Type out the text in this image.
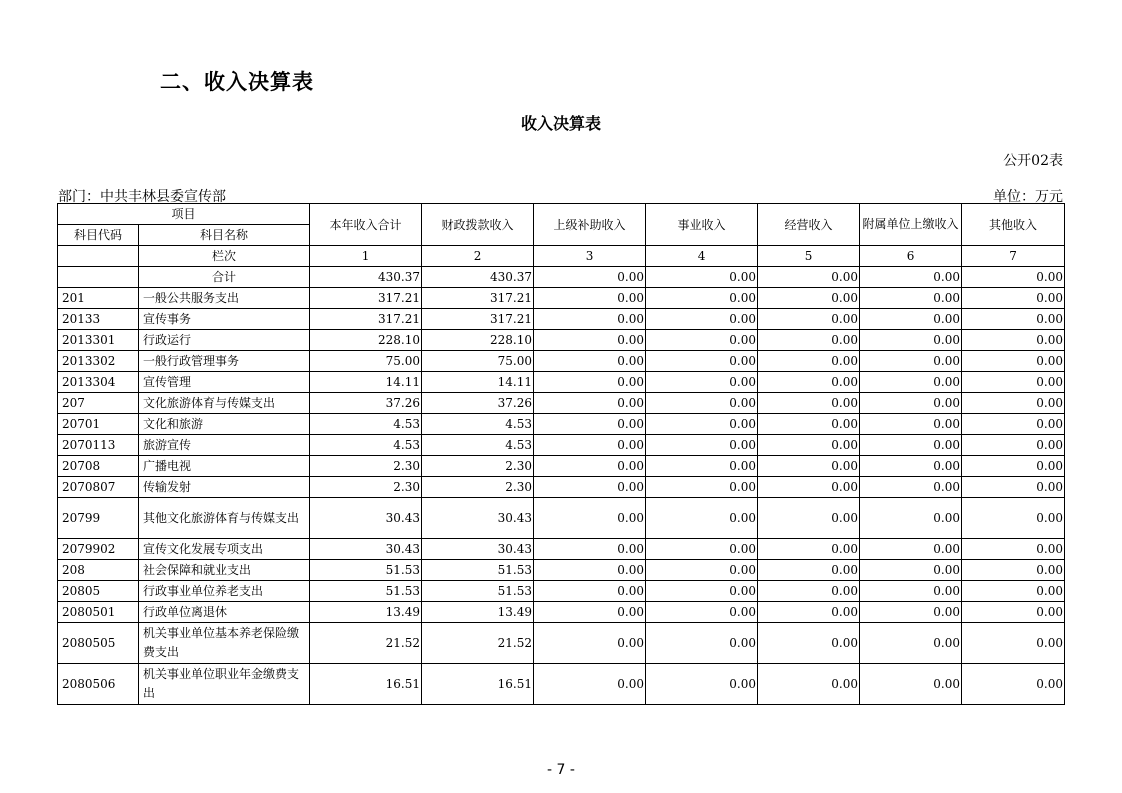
二、收入决算表
收入决算表
公开02表
部门：中共丰林县委宣传部	单位：万元
项目		本年收入合计	财政拨款收入	上级补助收入	事业收入	经营收入	附属单位上缴收入	其他收入
科目代码	科目名称							
	栏次	1	2	3	4	5	6	7
	合计	430.37	430.37	0.00	0.00	0.00	0.00	0.00
201	一般公共服务支出	317.21	317.21	0.00	0.00	0.00	0.00	0.00
20133	宣传事务	317.21	317.21	0.00	0.00	0.00	0.00	0.00
2013301	行政运行	228.10	228.10	0.00	0.00	0.00	0.00	0.00
2013302	一般行政管理事务	75.00	75.00	0.00	0.00	0.00	0.00	0.00
2013304	宣传管理	14.11	14.11	0.00	0.00	0.00	0.00	0.00
207	文化旅游体育与传媒支出	37.26	37.26	0.00	0.00	0.00	0.00	0.00
20701	文化和旅游	4.53	4.53	0.00	0.00	0.00	0.00	0.00
2070113	旅游宣传	4.53	4.53	0.00	0.00	0.00	0.00	0.00
20708	广播电视	2.30	2.30	0.00	0.00	0.00	0.00	0.00
2070807	传输发射	2.30	2.30	0.00	0.00	0.00	0.00	0.00
20799	其他文化旅游体育与传媒支出	30.43	30.43	0.00	0.00	0.00	0.00	0.00
2079902	宣传文化发展专项支出	30.43	30.43	0.00	0.00	0.00	0.00	0.00
208	社会保障和就业支出	51.53	51.53	0.00	0.00	0.00	0.00	0.00
20805	行政事业单位养老支出	51.53	51.53	0.00	0.00	0.00	0.00	0.00
2080501	行政单位离退休	13.49	13.49	0.00	0.00	0.00	0.00	0.00
2080505	机关事业单位基本养老保险缴费支出	21.52	21.52	0.00	0.00	0.00	0.00	0.00
2080506	机关事业单位职业年金缴费支出	16.51	16.51	0.00	0.00	0.00	0.00	0.00
- 7 -
